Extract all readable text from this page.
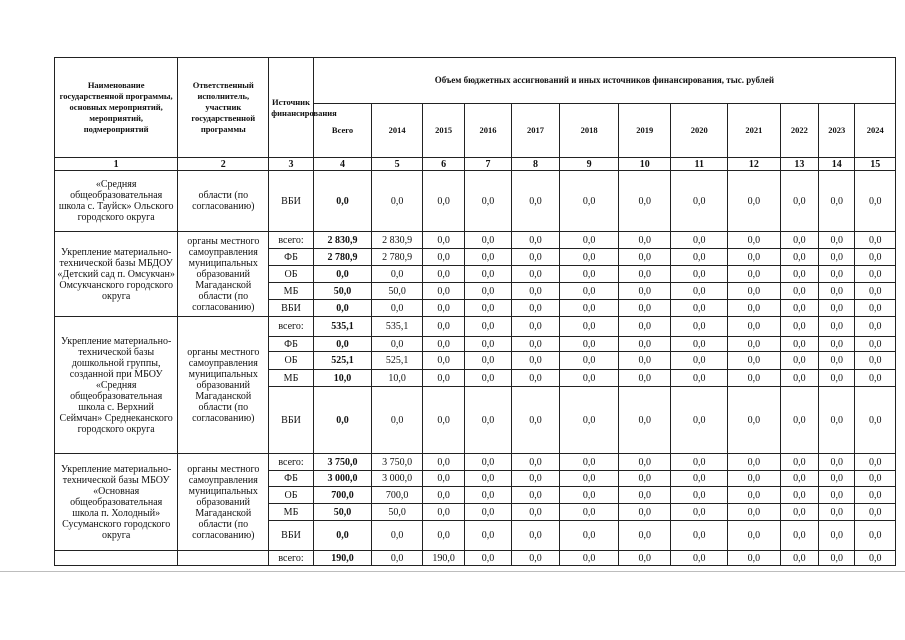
Наименование государственной программы, основных мероприятий, мероприятий, подмероприятий	Ответственный исполнитель, участник государственной программы	Источник финансирования	Объем бюджетных ассигнований и иных источников финансирования, тыс. рублей											
			Всего	2014	2015	2016	2017	2018	2019	2020	2021	2022	2023	2024
1	2	3	4	5	6	7	8	9	10	11	12	13	14	15
«Средняя общеобразовательная школа с. Тауйск» Ольского городского округа	области (по согласованию)	ВБИ	0,0	0,0	0,0	0,0	0,0	0,0	0,0	0,0	0,0	0,0	0,0	0,0
Укрепление материально-технической базы МБДОУ «Детский сад п. Омсукчан» Омсукчанского городского округа	органы местного самоуправления муниципальных образований Магаданской области (по согласованию)	всего:	2 830,9	2 830,9	0,0	0,0	0,0	0,0	0,0	0,0	0,0	0,0	0,0	0,0
		ФБ	2 780,9	2 780,9	0,0	0,0	0,0	0,0	0,0	0,0	0,0	0,0	0,0	0,0
		ОБ	0,0	0,0	0,0	0,0	0,0	0,0	0,0	0,0	0,0	0,0	0,0	0,0
		МБ	50,0	50,0	0,0	0,0	0,0	0,0	0,0	0,0	0,0	0,0	0,0	0,0
		ВБИ	0,0	0,0	0,0	0,0	0,0	0,0	0,0	0,0	0,0	0,0	0,0	0,0
Укрепление материально-технической базы дошкольной группы, созданной при МБОУ «Средняя общеобразовательная школа с. Верхний Сеймчан» Среднеканского городского округа	органы местного самоуправления муниципальных образований Магаданской области (по согласованию)	всего:	535,1	535,1	0,0	0,0	0,0	0,0	0,0	0,0	0,0	0,0	0,0	0,0
		ФБ	0,0	0,0	0,0	0,0	0,0	0,0	0,0	0,0	0,0	0,0	0,0	0,0
		ОБ	525,1	525,1	0,0	0,0	0,0	0,0	0,0	0,0	0,0	0,0	0,0	0,0
		МБ	10,0	10,0	0,0	0,0	0,0	0,0	0,0	0,0	0,0	0,0	0,0	0,0
		ВБИ	0,0	0,0	0,0	0,0	0,0	0,0	0,0	0,0	0,0	0,0	0,0	0,0
Укрепление материально-технической базы МБОУ «Основная общеобразовательная школа п. Холодный» Сусуманского городского округа	органы местного самоуправления муниципальных образований Магаданской области (по согласованию)	всего:	3 750,0	3 750,0	0,0	0,0	0,0	0,0	0,0	0,0	0,0	0,0	0,0	0,0
		ФБ	3 000,0	3 000,0	0,0	0,0	0,0	0,0	0,0	0,0	0,0	0,0	0,0	0,0
		ОБ	700,0	700,0	0,0	0,0	0,0	0,0	0,0	0,0	0,0	0,0	0,0	0,0
		МБ	50,0	50,0	0,0	0,0	0,0	0,0	0,0	0,0	0,0	0,0	0,0	0,0
		ВБИ	0,0	0,0	0,0	0,0	0,0	0,0	0,0	0,0	0,0	0,0	0,0	0,0
		всего:	190,0	0,0	190,0	0,0	0,0	0,0	0,0	0,0	0,0	0,0	0,0	0,0
